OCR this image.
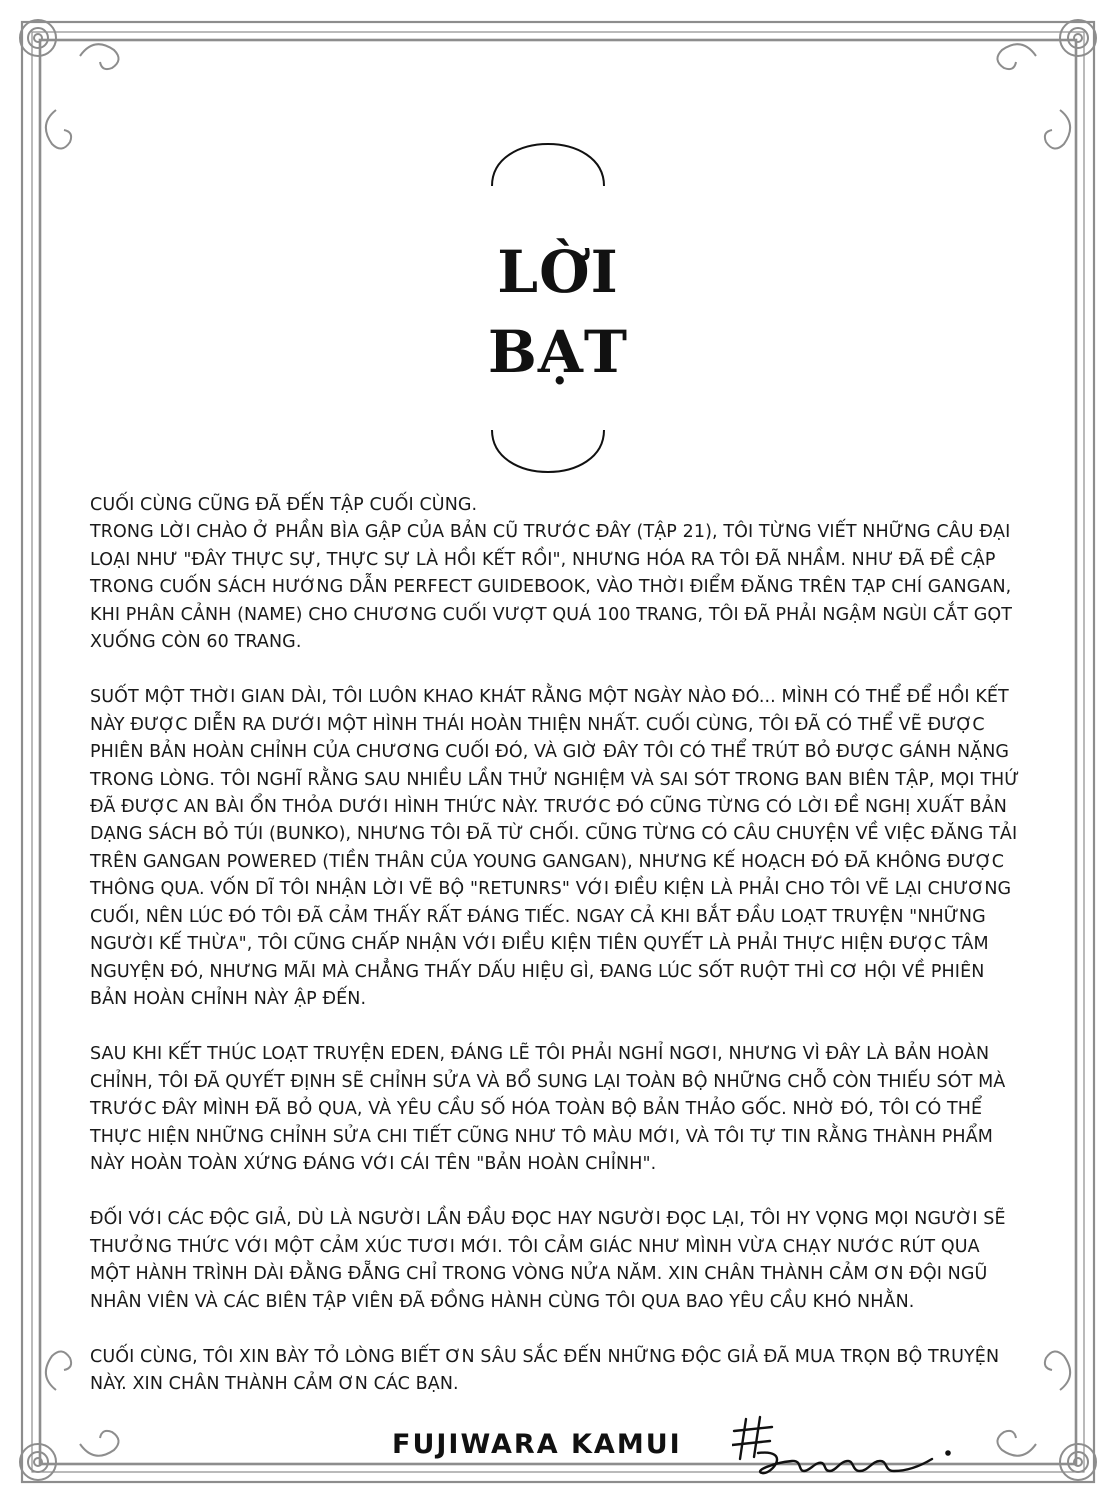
LỜI
BẠT

CUỐI CÙNG CŨNG ĐÃ ĐẾN TẬP CUỐI CÙNG.
TRONG LỜI CHÀO Ở PHẦN BÌA GẬP CỦA BẢN CŨ TRƯỚC ĐÂY (TẬP 21), TÔI TỪNG VIẾT NHỮNG CÂU ĐẠI LOẠI NHƯ "ĐÂY THỰC SỰ, THỰC SỰ LÀ HỒI KẾT RỒI", NHƯNG HÓA RA TÔI ĐÃ NHẦM. NHƯ ĐÃ ĐỀ CẬP TRONG CUỐN SÁCH HƯỚNG DẪN PERFECT GUIDEBOOK, VÀO THỜI ĐIỂM ĐĂNG TRÊN TẠP CHÍ GANGAN, KHI PHÂN CẢNH (NAME) CHO CHƯƠNG CUỐI VƯỢT QUÁ 100 TRANG, TÔI ĐÃ PHẢI NGẬM NGÙI CẮT GỌT XUỐNG CÒN 60 TRANG.

SUỐT MỘT THỜI GIAN DÀI, TÔI LUÔN KHAO KHÁT RẰNG MỘT NGÀY NÀO ĐÓ... MÌNH CÓ THỂ ĐỂ HỒI KẾT NÀY ĐƯỢC DIỄN RA DƯỚI MỘT HÌNH THÁI HOÀN THIỆN NHẤT. CUỐI CÙNG, TÔI ĐÃ CÓ THỂ VẼ ĐƯỢC PHIÊN BẢN HOÀN CHỈNH CỦA CHƯƠNG CUỐI ĐÓ, VÀ GIỜ ĐÂY TÔI CÓ THỂ TRÚT BỎ ĐƯỢC GÁNH NẶNG TRONG LÒNG. TÔI NGHĨ RẰNG SAU NHIỀU LẦN THỬ NGHIỆM VÀ SAI SÓT TRONG BAN BIÊN TẬP, MỌI THỨ ĐÃ ĐƯỢC AN BÀI ỔN THỎA DƯỚI HÌNH THỨC NÀY. TRƯỚC ĐÓ CŨNG TỪNG CÓ LỜI ĐỀ NGHỊ XUẤT BẢN DẠNG SÁCH BỎ TÚI (BUNKO), NHƯNG TÔI ĐÃ TỪ CHỐI. CŨNG TỪNG CÓ CÂU CHUYỆN VỀ VIỆC ĐĂNG TẢI TRÊN GANGAN POWERED (TIỀN THÂN CỦA YOUNG GANGAN), NHƯNG KẾ HOẠCH ĐÓ ĐÃ KHÔNG ĐƯỢC THÔNG QUA. VỐN DĨ TÔI NHẬN LỜI VẼ BỘ "RETUNRS" VỚI ĐIỀU KIỆN LÀ PHẢI CHO TÔI VẼ LẠI CHƯƠNG CUỐI, NÊN LÚC ĐÓ TÔI ĐÃ CẢM THẤY RẤT ĐÁNG TIẾC. NGAY CẢ KHI BẮT ĐẦU LOẠT TRUYỆN "NHỮNG NGƯỜI KẾ THỪA", TÔI CŨNG CHẤP NHẬN VỚI ĐIỀU KIỆN TIÊN QUYẾT LÀ PHẢI THỰC HIỆN ĐƯỢC TÂM NGUYỆN ĐÓ, NHƯNG MÃI MÀ CHẲNG THẤY DẤU HIỆU GÌ, ĐANG LÚC SỐT RUỘT THÌ CƠ HỘI VỀ PHIÊN BẢN HOÀN CHỈNH NÀY ẬP ĐẾN.

SAU KHI KẾT THÚC LOẠT TRUYỆN EDEN, ĐÁNG LẼ TÔI PHẢI NGHỈ NGƠI, NHƯNG VÌ ĐÂY LÀ BẢN HOÀN CHỈNH, TÔI ĐÃ QUYẾT ĐỊNH SẼ CHỈNH SỬA VÀ BỔ SUNG LẠI TOÀN BỘ NHỮNG CHỖ CÒN THIẾU SÓT MÀ TRƯỚC ĐÂY MÌNH ĐÃ BỎ QUA, VÀ YÊU CẦU SỐ HÓA TOÀN BỘ BẢN THẢO GỐC. NHỜ ĐÓ, TÔI CÓ THỂ THỰC HIỆN NHỮNG CHỈNH SỬA CHI TIẾT CŨNG NHƯ TÔ MÀU MỚI, VÀ TÔI TỰ TIN RẰNG THÀNH PHẨM NÀY HOÀN TOÀN XỨNG ĐÁNG VỚI CÁI TÊN "BẢN HOÀN CHỈNH".

ĐỐI VỚI CÁC ĐỘC GIẢ, DÙ LÀ NGƯỜI LẦN ĐẦU ĐỌC HAY NGƯỜI ĐỌC LẠI, TÔI HY VỌNG MỌI NGƯỜI SẼ THƯỞNG THỨC VỚI MỘT CẢM XÚC TƯƠI MỚI. TÔI CẢM GIÁC NHƯ MÌNH VỪA CHẠY NƯỚC RÚT QUA MỘT HÀNH TRÌNH DÀI ĐẰNG ĐẴNG CHỈ TRONG VÒNG NỬA NĂM. XIN CHÂN THÀNH CẢM ƠN ĐỘI NGŨ NHÂN VIÊN VÀ CÁC BIÊN TẬP VIÊN ĐÃ ĐỒNG HÀNH CÙNG TÔI QUA BAO YÊU CẦU KHÓ NHẰN.

CUỐI CÙNG, TÔI XIN BÀY TỎ LÒNG BIẾT ƠN SÂU SẮC ĐẾN NHỮNG ĐỘC GIẢ ĐÃ MUA TRỌN BỘ TRUYỆN NÀY. XIN CHÂN THÀNH CẢM ƠN CÁC BẠN.

FUJIWARA KAMUI
